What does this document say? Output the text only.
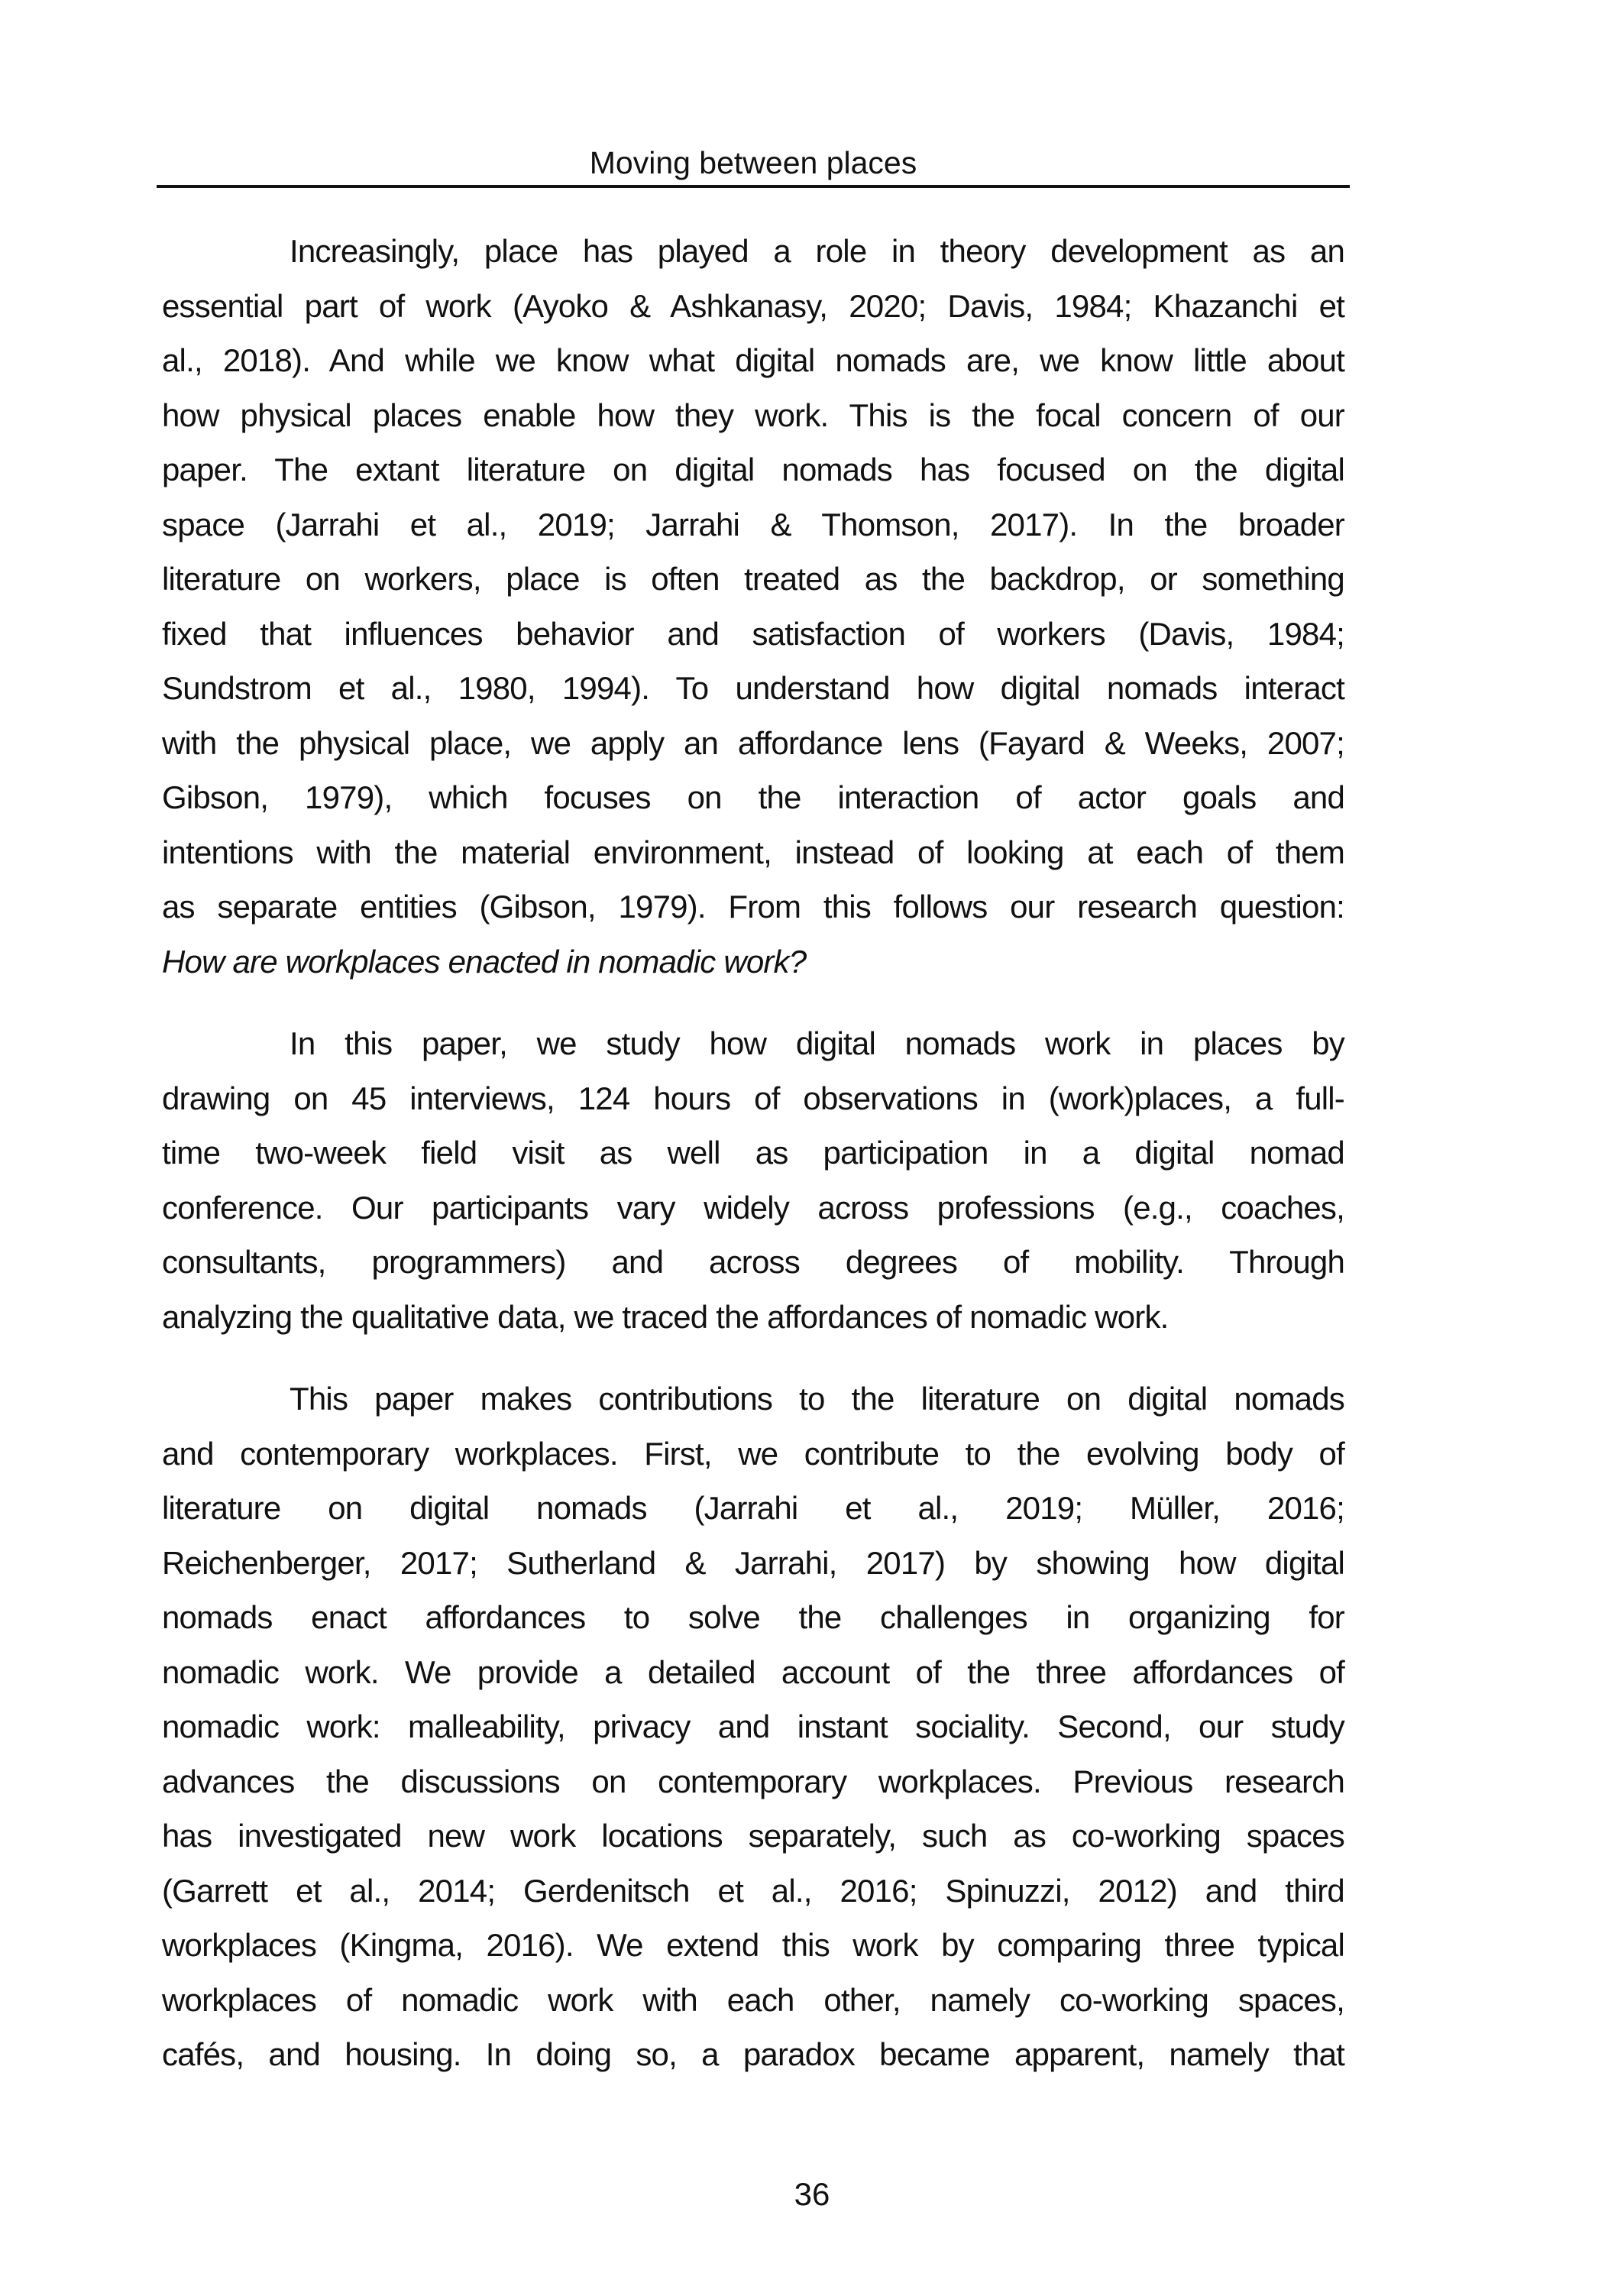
Moving between places
Increasingly, place has played a role in theory development as an
essential part of work (Ayoko & Ashkanasy, 2020; Davis, 1984; Khazanchi et
al., 2018). And while we know what digital nomads are, we know little about
how physical places enable how they work. This is the focal concern of our
paper. The extant literature on digital nomads has focused on the digital
space (Jarrahi et al., 2019; Jarrahi & Thomson, 2017). In the broader
literature on workers, place is often treated as the backdrop, or something
fixed that influences behavior and satisfaction of workers (Davis, 1984;
Sundstrom et al., 1980, 1994). To understand how digital nomads interact
with the physical place, we apply an affordance lens (Fayard & Weeks, 2007;
Gibson, 1979), which focuses on the interaction of actor goals and
intentions with the material environment, instead of looking at each of them
as separate entities (Gibson, 1979). From this follows our research question:
How are workplaces enacted in nomadic work?
In this paper, we study how digital nomads work in places by
drawing on 45 interviews, 124 hours of observations in (work)places, a full-
time two-week field visit as well as participation in a digital nomad
conference. Our participants vary widely across professions (e.g., coaches,
consultants, programmers) and across degrees of mobility. Through
analyzing the qualitative data, we traced the affordances of nomadic work.
This paper makes contributions to the literature on digital nomads
and contemporary workplaces. First, we contribute to the evolving body of
literature on digital nomads (Jarrahi et al., 2019; Müller, 2016;
Reichenberger, 2017; Sutherland & Jarrahi, 2017) by showing how digital
nomads enact affordances to solve the challenges in organizing for
nomadic work. We provide a detailed account of the three affordances of
nomadic work: malleability, privacy and instant sociality. Second, our study
advances the discussions on contemporary workplaces. Previous research
has investigated new work locations separately, such as co-working spaces
(Garrett et al., 2014; Gerdenitsch et al., 2016; Spinuzzi, 2012) and third
workplaces (Kingma, 2016). We extend this work by comparing three typical
workplaces of nomadic work with each other, namely co-working spaces,
cafés, and housing. In doing so, a paradox became apparent, namely that
36
